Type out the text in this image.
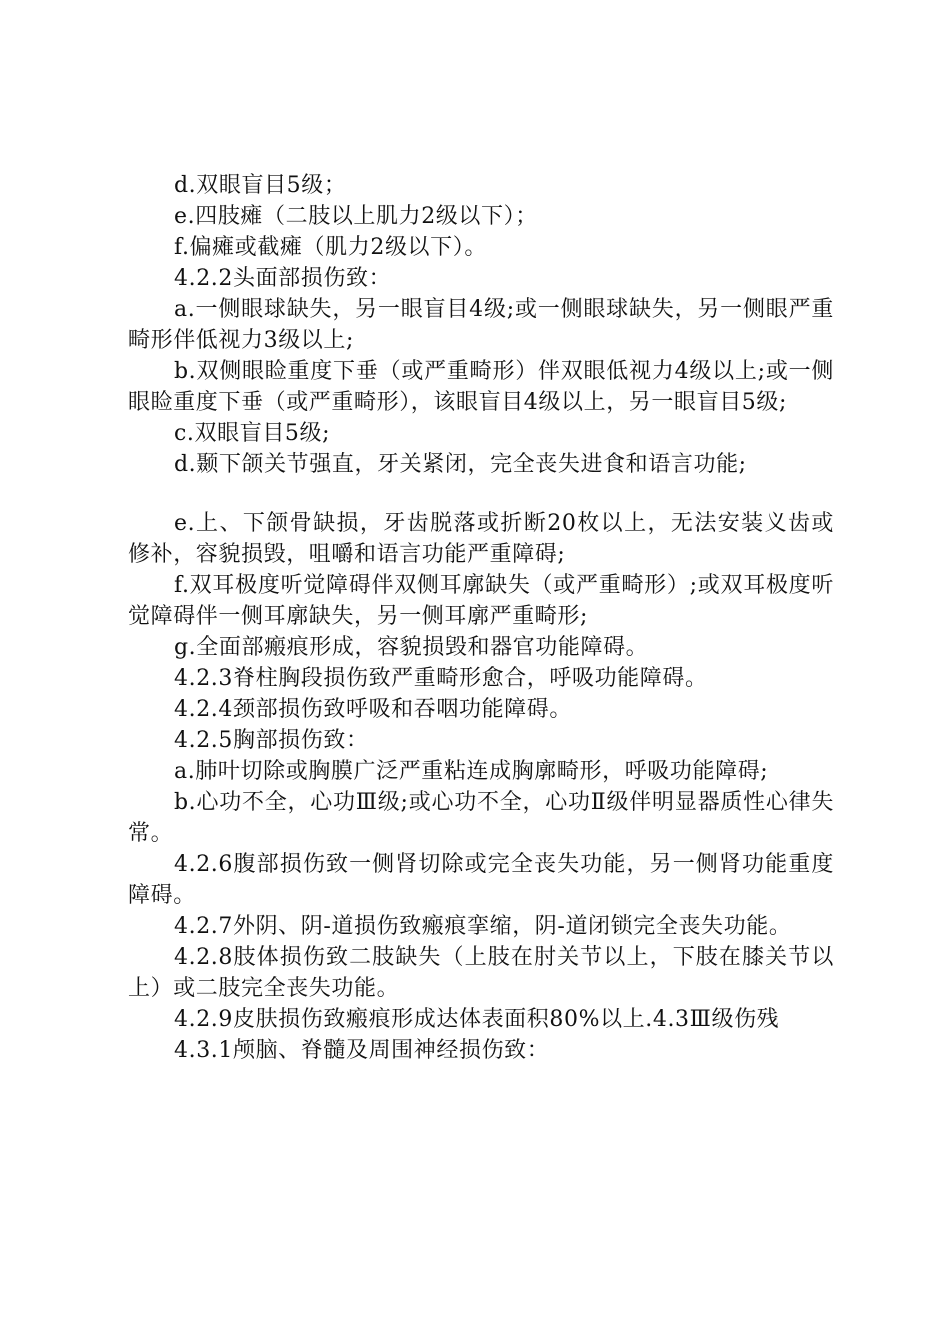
d.双眼盲目5级；

e.四肢瘫（二肢以上肌力2级以下）；

f.偏瘫或截瘫（肌力2级以下）。

4.2.2头面部损伤致：

a.一侧眼球缺失，另一眼盲目4级;或一侧眼球缺失，另一侧眼严重畸形伴低视力3级以上;

b.双侧眼睑重度下垂（或严重畸形）伴双眼低视力4级以上;或一侧眼睑重度下垂（或严重畸形），该眼盲目4级以上，另一眼盲目5级;

c.双眼盲目5级;

d.颞下颌关节强直，牙关紧闭，完全丧失进食和语言功能;

e.上、下颌骨缺损，牙齿脱落或折断20枚以上，无法安装义齿或修补，容貌损毁，咀嚼和语言功能严重障碍;

f.双耳极度听觉障碍伴双侧耳廓缺失（或严重畸形）;或双耳极度听觉障碍伴一侧耳廓缺失，另一侧耳廓严重畸形;

g.全面部瘢痕形成，容貌损毁和器官功能障碍。

4.2.3脊柱胸段损伤致严重畸形愈合，呼吸功能障碍。

4.2.4颈部损伤致呼吸和吞咽功能障碍。

4.2.5胸部损伤致：

a.肺叶切除或胸膜广泛严重粘连成胸廓畸形，呼吸功能障碍;

b.心功不全，心功Ⅲ级;或心功不全，心功Ⅱ级伴明显器质性心律失常。

4.2.6腹部损伤致一侧肾切除或完全丧失功能，另一侧肾功能重度障碍。

4.2.7外阴、阴-道损伤致瘢痕挛缩，阴-道闭锁完全丧失功能。

4.2.8肢体损伤致二肢缺失（上肢在肘关节以上，下肢在膝关节以上）或二肢完全丧失功能。

4.2.9皮肤损伤致瘢痕形成达体表面积80%以上.4.3Ⅲ级伤残

4.3.1颅脑、脊髓及周围神经损伤致：
